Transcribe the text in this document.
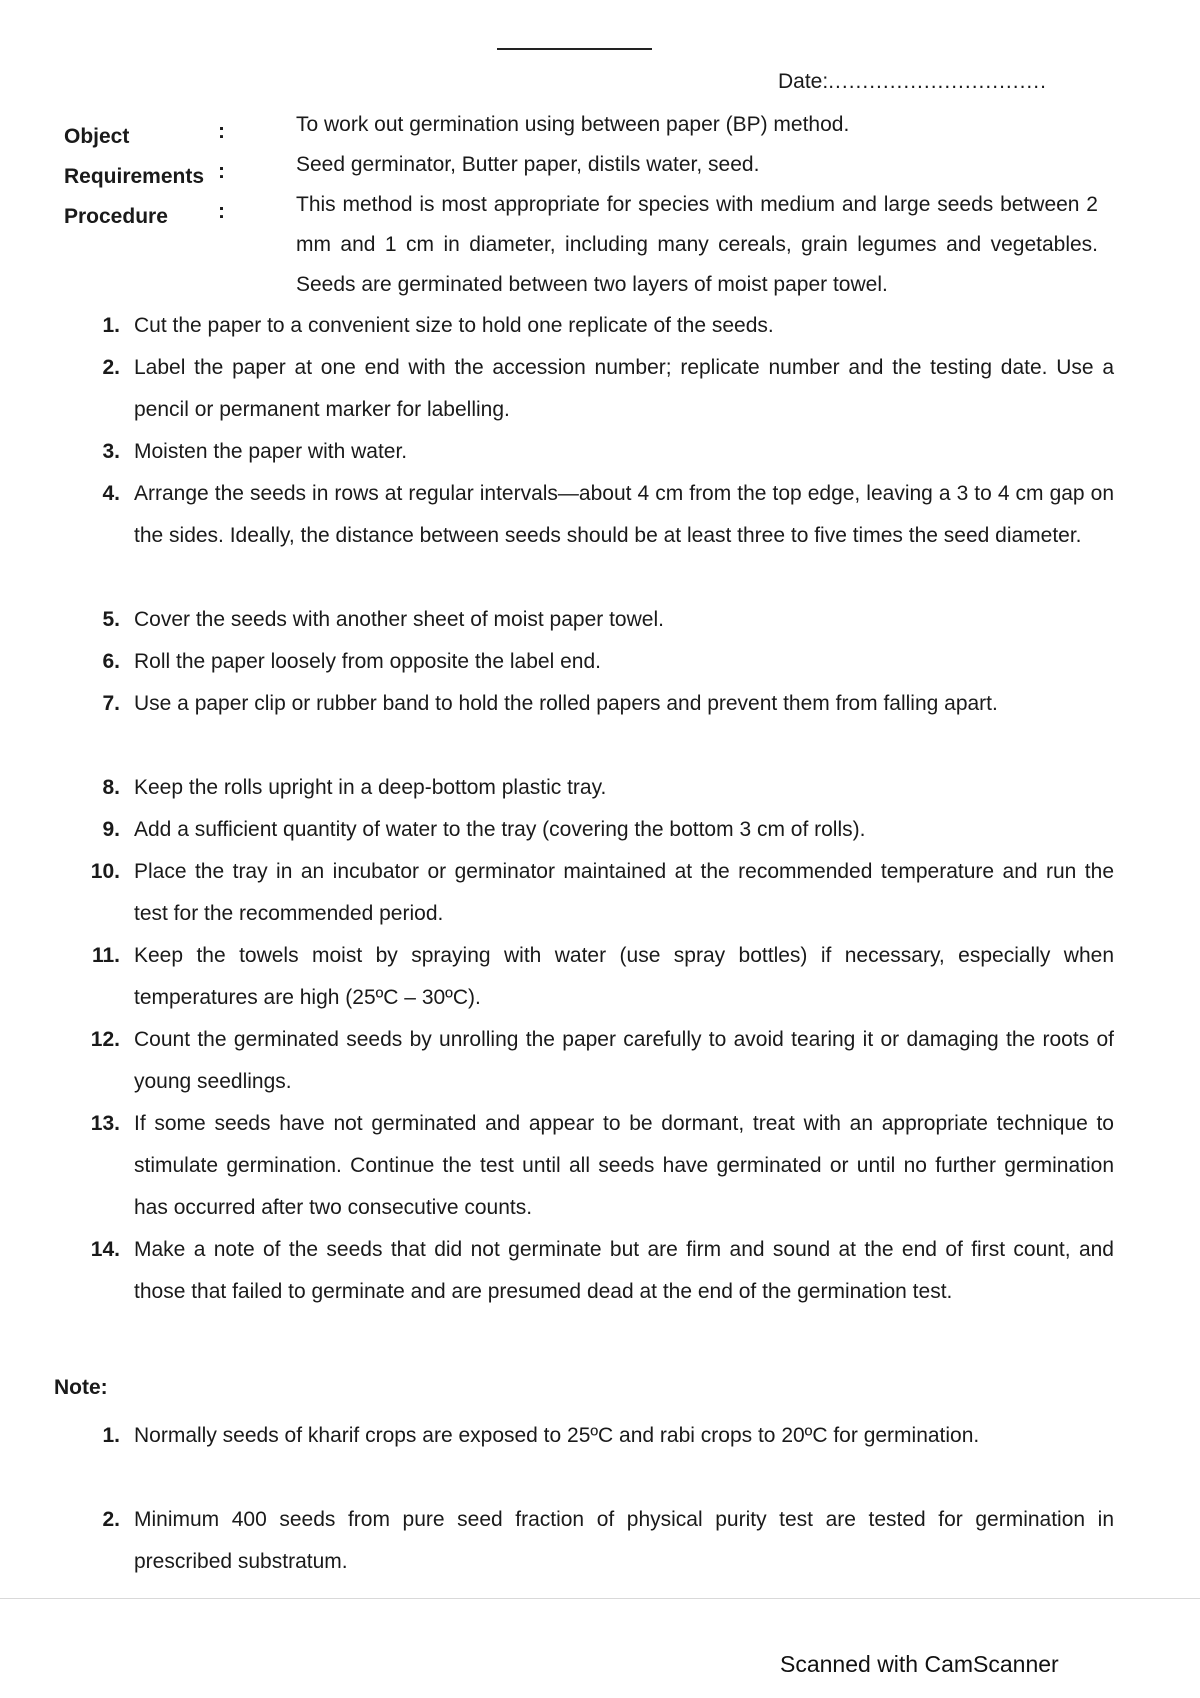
Date:................................
Object	:	To work out germination using between paper (BP) method.
Requirements :	Seed germinator, Butter paper, distils water, seed.
Procedure :	This method is most appropriate for species with medium and large seeds between 2 mm and 1 cm in diameter, including many cereals, grain legumes and vegetables. Seeds are germinated between two layers of moist paper towel.
1. Cut the paper to a convenient size to hold one replicate of the seeds.
2. Label the paper at one end with the accession number; replicate number and the testing date. Use a pencil or permanent marker for labelling.
3. Moisten the paper with water.
4. Arrange the seeds in rows at regular intervals—about 4 cm from the top edge, leaving a 3 to 4 cm gap on the sides. Ideally, the distance between seeds should be at least three to five times the seed diameter.
5. Cover the seeds with another sheet of moist paper towel.
6. Roll the paper loosely from opposite the label end.
7. Use a paper clip or rubber band to hold the rolled papers and prevent them from falling apart.
8. Keep the rolls upright in a deep-bottom plastic tray.
9. Add a sufficient quantity of water to the tray (covering the bottom 3 cm of rolls).
10. Place the tray in an incubator or germinator maintained at the recommended temperature and run the test for the recommended period.
11. Keep the towels moist by spraying with water (use spray bottles) if necessary, especially when temperatures are high (25ºC – 30ºC).
12. Count the germinated seeds by unrolling the paper carefully to avoid tearing it or damaging the roots of young seedlings.
13. If some seeds have not germinated and appear to be dormant, treat with an appropriate technique to stimulate germination. Continue the test until all seeds have germinated or until no further germination has occurred after two consecutive counts.
14. Make a note of the seeds that did not germinate but are firm and sound at the end of first count, and those that failed to germinate and are presumed dead at the end of the germination test.
Note:
1. Normally seeds of kharif crops are exposed to 25ºC and rabi crops to 20ºC for germination.
2. Minimum 400 seeds from pure seed fraction of physical purity test are tested for germination in prescribed substratum.
Scanned with CamScanner
